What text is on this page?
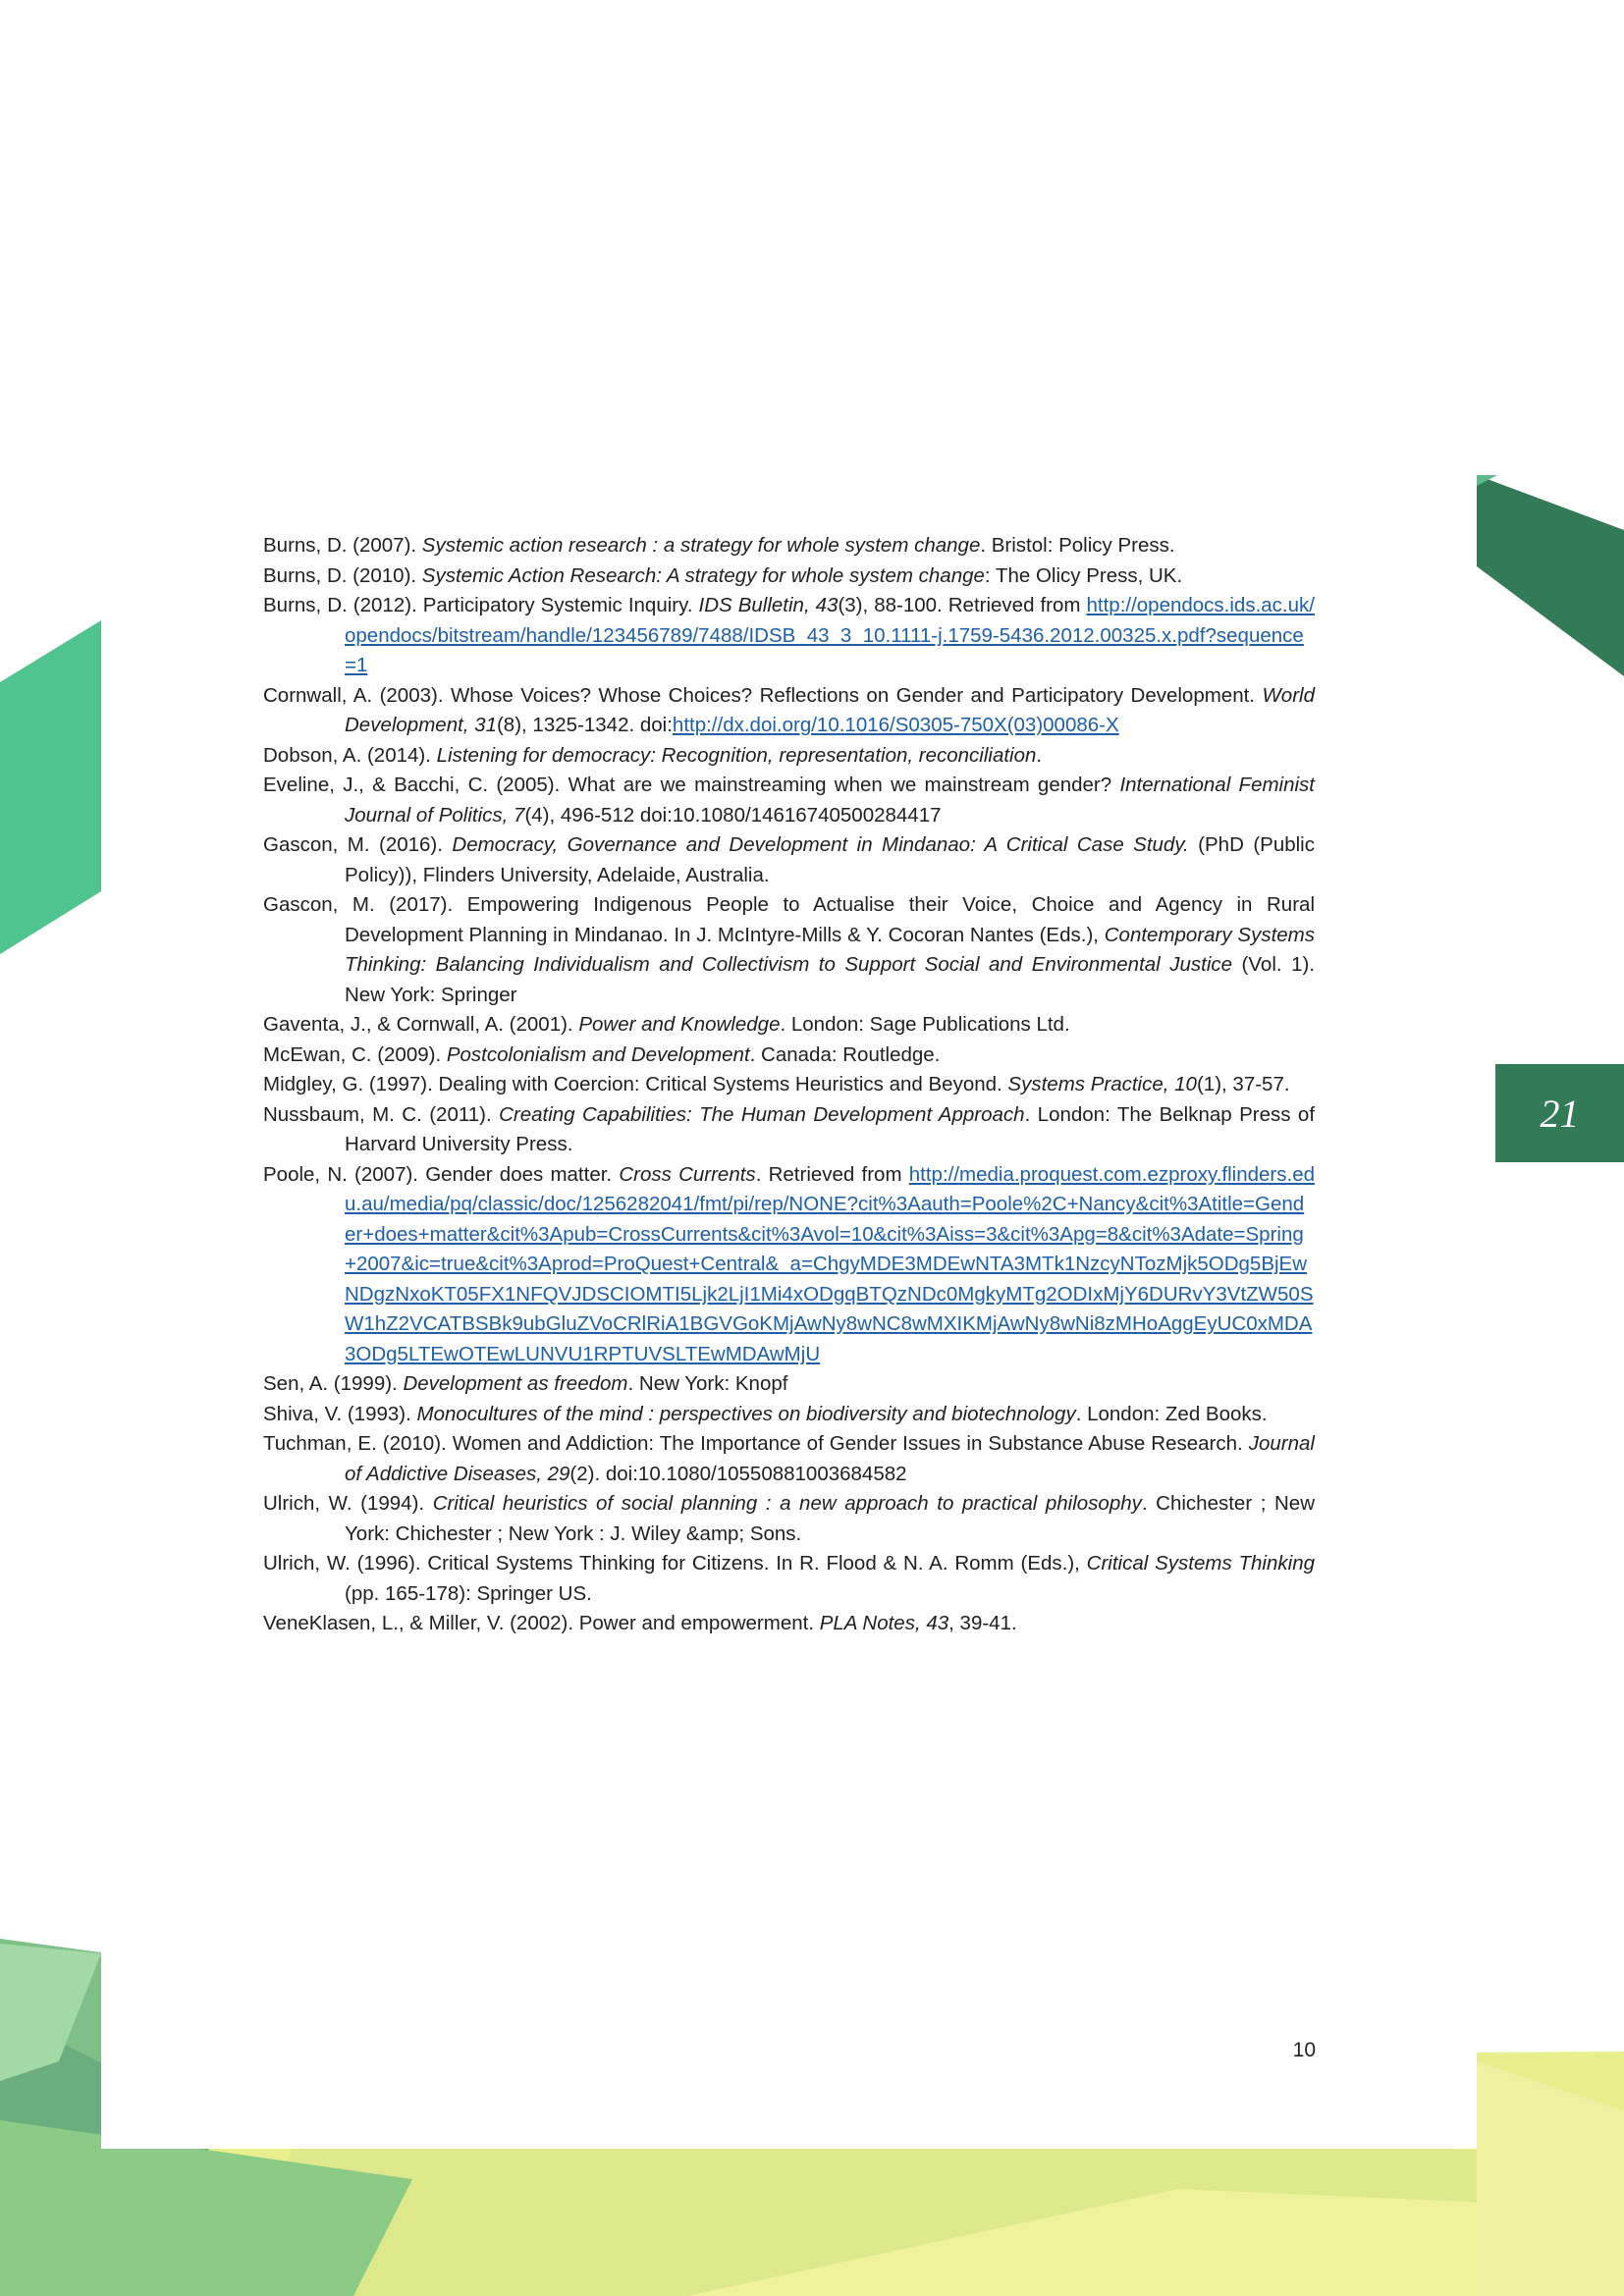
21

Burns, D. (2007). Systemic action research : a strategy for whole system change. Bristol: Policy Press.

Burns, D. (2010). Systemic Action Research: A strategy for whole system change: The Olicy Press, UK.

Burns, D. (2012). Participatory Systemic Inquiry. IDS Bulletin, 43(3), 88-100. Retrieved from http://opendocs.ids.ac.uk/opendocs/bitstream/handle/123456789/7488/IDSB_43_3_10.1111-j.1759-5436.2012.00325.x.pdf?sequence=1

Cornwall, A. (2003). Whose Voices? Whose Choices? Reflections on Gender and Participatory Development. World Development, 31(8), 1325-1342. doi:http://dx.doi.org/10.1016/S0305-750X(03)00086-X

Dobson, A. (2014). Listening for democracy: Recognition, representation, reconciliation.

Eveline, J., & Bacchi, C. (2005). What are we mainstreaming when we mainstream gender? International Feminist Journal of Politics, 7(4), 496-512 doi:10.1080/14616740500284417

Gascon, M. (2016). Democracy, Governance and Development in Mindanao: A Critical Case Study. (PhD (Public Policy)), Flinders University, Adelaide, Australia.

Gascon, M. (2017). Empowering Indigenous People to Actualise their Voice, Choice and Agency in Rural Development Planning in Mindanao. In J. McIntyre-Mills & Y. Cocoran Nantes (Eds.), Contemporary Systems Thinking: Balancing Individualism and Collectivism to Support Social and Environmental Justice (Vol. 1). New York: Springer

Gaventa, J., & Cornwall, A. (2001). Power and Knowledge. London: Sage Publications Ltd.

McEwan, C. (2009). Postcolonialism and Development. Canada: Routledge.

Midgley, G. (1997). Dealing with Coercion: Critical Systems Heuristics and Beyond. Systems Practice, 10(1), 37-57.

Nussbaum, M. C. (2011). Creating Capabilities: The Human Development Approach. London: The Belknap Press of Harvard University Press.

Poole, N. (2007). Gender does matter. Cross Currents. Retrieved from http://media.proquest.com.ezproxy.flinders.edu.au/media/pq/classic/doc/1256282041/fmt/pi/rep/NONE?cit%3Aauth=Poole%2C+Nancy&cit%3Atitle=Gender+does+matter&cit%3Apub=CrossCurrents&cit%3Avol=10&cit%3Aiss=3&cit%3Apg=8&cit%3Adate=Spring+2007&ic=true&cit%3Aprod=ProQuest+Central&_a=ChgyMDE3MDEwNTA3MTk1NzcyNTozMjk5ODg5BjEwNDgzNxoKT05FX1NFQVJDSCIOMTI5Ljk2LjI1Mi4xODgqBTQzNDc0MgkyMTg2ODIxMjY6DURvY3VtZW50SW1hZ2VCATBSBk9ubGluZVoCRlRiA1BGVGoKMjAwNy8wNC8wMXIKMjAwNy8wNi8zMHoAggEyUC0xMDA3ODg5LTEwOTEwLUNVU1RPTUVSLTEwMDAwMjU

Sen, A. (1999). Development as freedom. New York: Knopf

Shiva, V. (1993). Monocultures of the mind : perspectives on biodiversity and biotechnology. London: Zed Books.

Tuchman, E. (2010). Women and Addiction: The Importance of Gender Issues in Substance Abuse Research. Journal of Addictive Diseases, 29(2). doi:10.1080/10550881003684582

Ulrich, W. (1994). Critical heuristics of social planning : a new approach to practical philosophy. Chichester ; New York: Chichester ; New York : J. Wiley &amp; Sons.

Ulrich, W. (1996). Critical Systems Thinking for Citizens. In R. Flood & N. A. Romm (Eds.), Critical Systems Thinking (pp. 165-178): Springer US.

VeneKlasen, L., & Miller, V. (2002). Power and empowerment. PLA Notes, 43, 39-41.

10
